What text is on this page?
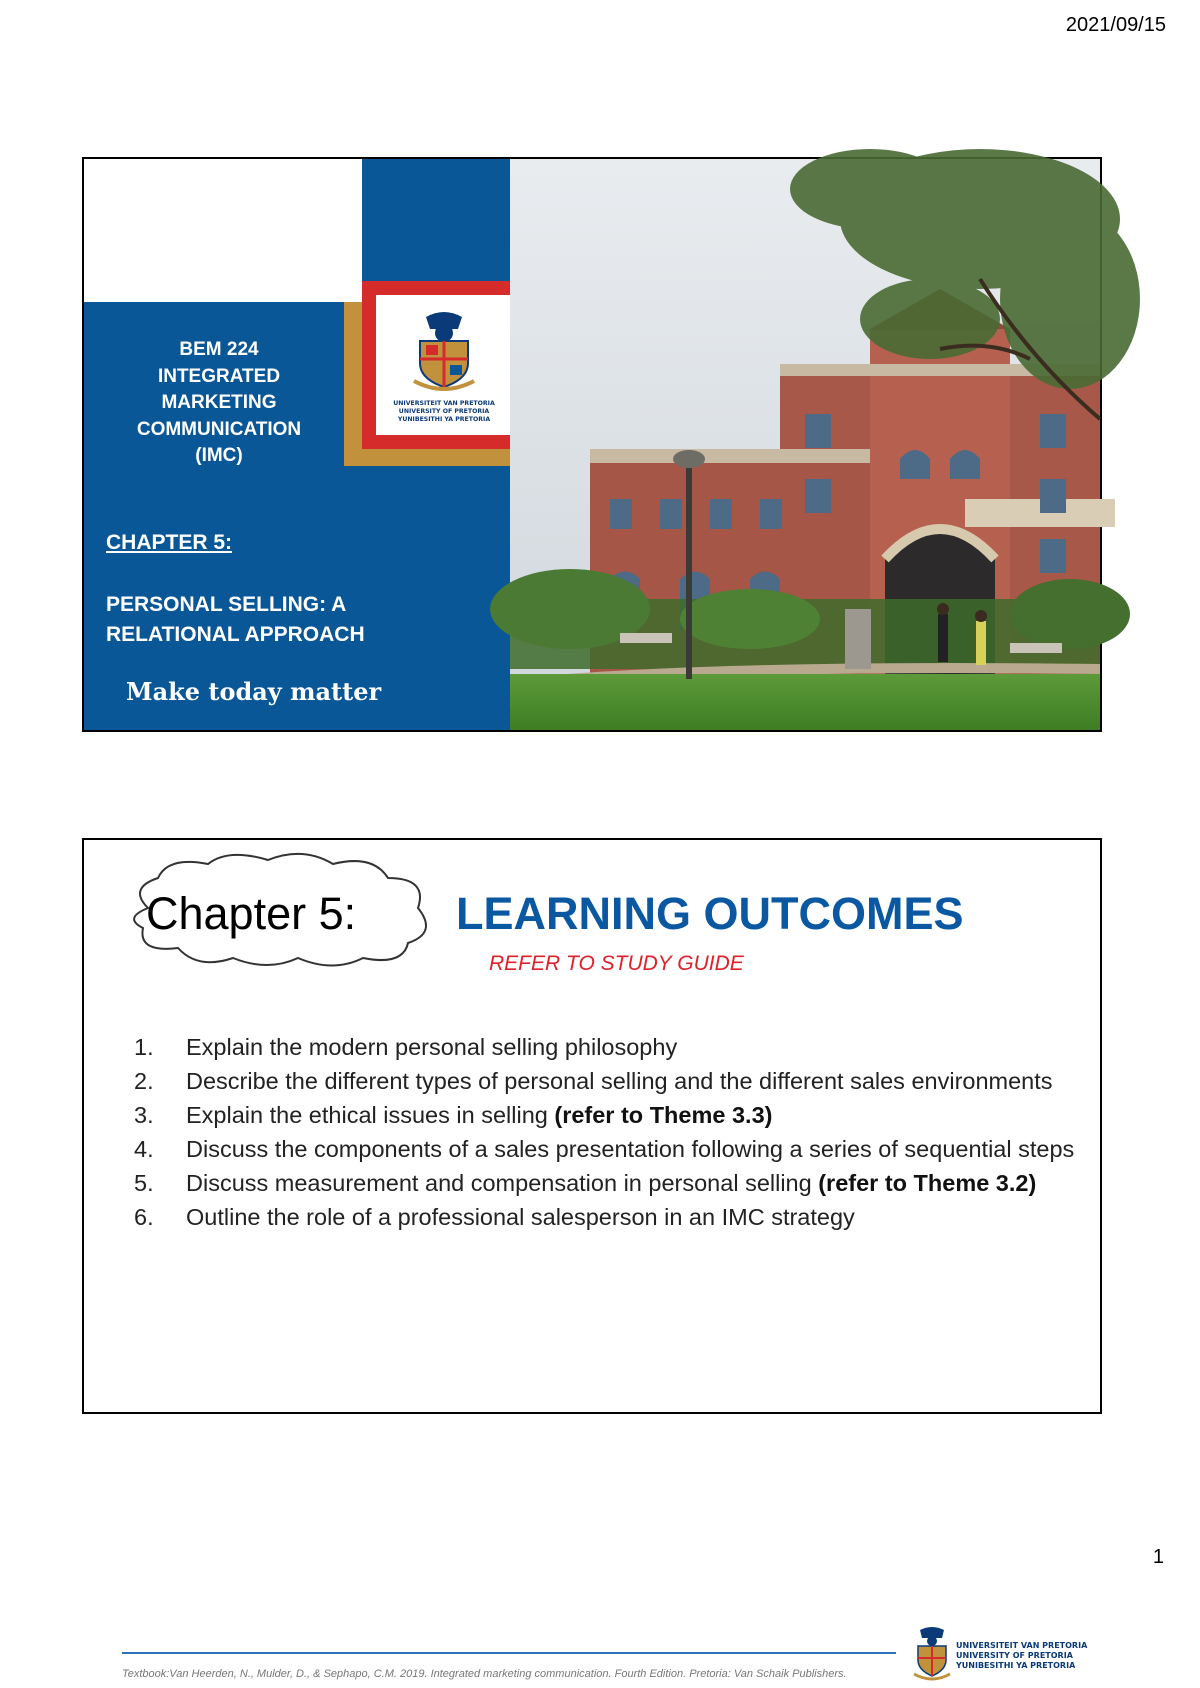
2021/09/15
UNIVERSITEIT VAN PRETORIA
UNIVERSITY OF PRETORIA
YUNIBESITHI YA PRETORIA
BEM 224
INTEGRATED
MARKETING
COMMUNICATION
(IMC)
CHAPTER 5:
PERSONAL SELLING: A
RELATIONAL APPROACH
Make today matter
Chapter 5: LEARNING OUTCOMES
REFER TO STUDY GUIDE
1. Explain the modern personal selling philosophy
2. Describe the different types of personal selling and the different sales environments
3. Explain the ethical issues in selling (refer to Theme 3.3)
4. Discuss the components of a sales presentation following a series of sequential steps
5. Discuss measurement and compensation in personal selling (refer to Theme 3.2)
6. Outline the role of a professional salesperson in an IMC strategy
Textbook:Van Heerden, N., Mulder, D., & Sephapo, C.M. 2019. Integrated marketing communication. Fourth Edition. Pretoria: Van Schaik Publishers.
UNIVERSITEIT VAN PRETORIA
UNIVERSITY OF PRETORIA
YUNIBESITHI YA PRETORIA
1
